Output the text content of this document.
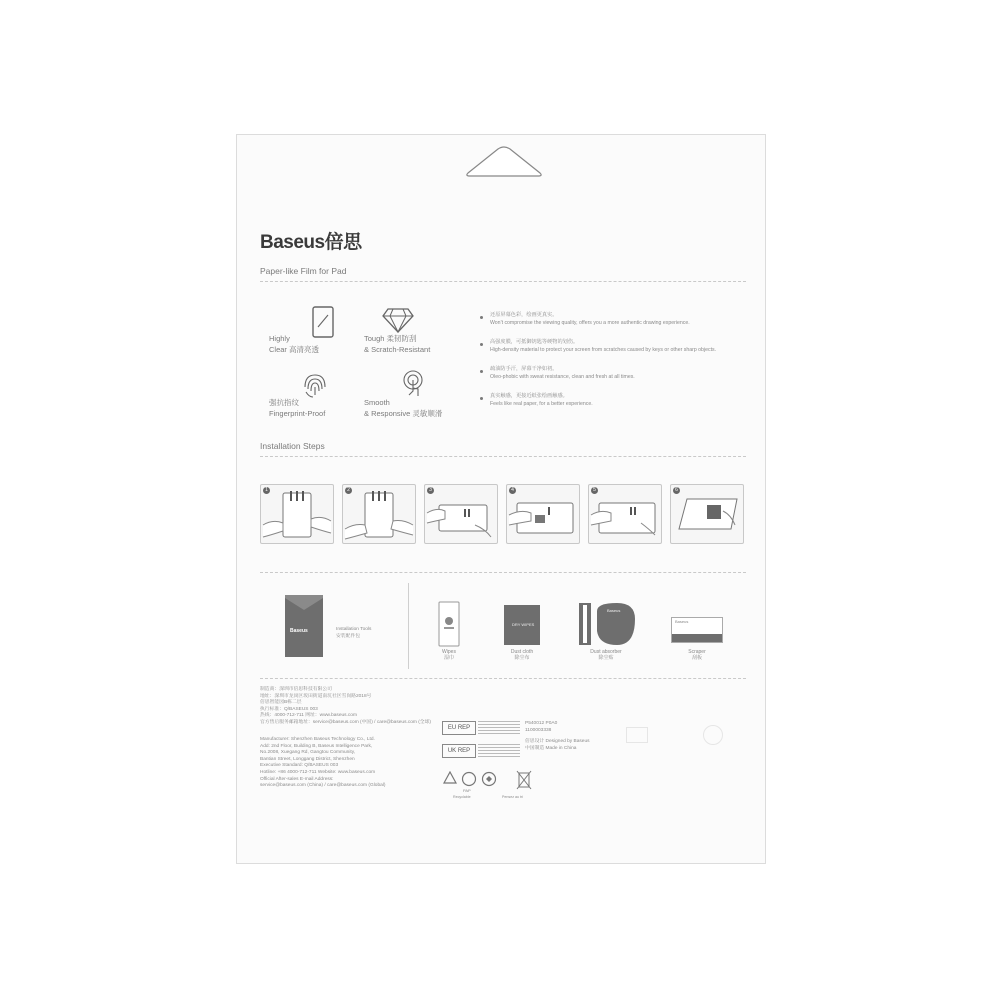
Baseus倍思
Paper-like Film for Pad
Highly
Clear 高清亮透
Tough 柔韧防刮
& Scratch-Resistant
强抗指纹
Fingerprint-Proof
Smooth
& Responsive 灵敏顺滑
还原屏幕色彩，绘画更真实。
Won't compromise the viewing quality, offers you a more authentic drawing experience.
高强度膜，可抵御钥匙等硬物的划伤。
High-density material to protect your screen from scratches caused by keys or other sharp objects.
疏油防手汗，屏幕干净如初。
Oleo-phobic with sweat resistance, clean and fresh at all times.
真实触感，更接近纸张绘画触感。
Feels like real paper, for a better experience.
Installation Steps
1	2	3	4	5	6
Baseus	Installation Tools
安装配件包
Wipes
湿巾
DRY WIPES
Dust cloth
除尘布
Baseus
Dust absorber
除尘贴
Baseus
Scraper
刮板
制造商：深圳市倍思科技有限公司
地址：深圳市龙岗区坂田街道南坑社区雪岗路2018号
倍思智能园B栋二层
执行标准：Q/BASEUS 003
热线：4000-712-711 网址：www.baseus.com
官方售后服务邮箱地址：service@baseus.com (中国) / care@baseus.com (全球)
Manufacturer: Shenzhen Baseus Technology Co., Ltd.
Add: 2nd Floor, Building B, Baseus Intelligence Park,
No.2008, Xuegang Rd, Gangtou Community,
Bantian Street, Longgang District, Shenzhen
Executive Standard: Q/BASEUS 003
Hotline: +86 4000-712-711 Website: www.baseus.com
Official After-sales E-mail Address:
service@baseus.com (China) / care@baseus.com (Global)
EU REP
UK REP
PAP
Recyclable	Pensez au tri
P540012 P0A0
1100003338
倍思设计 Designed by Baseus
中国制造 Made in China
